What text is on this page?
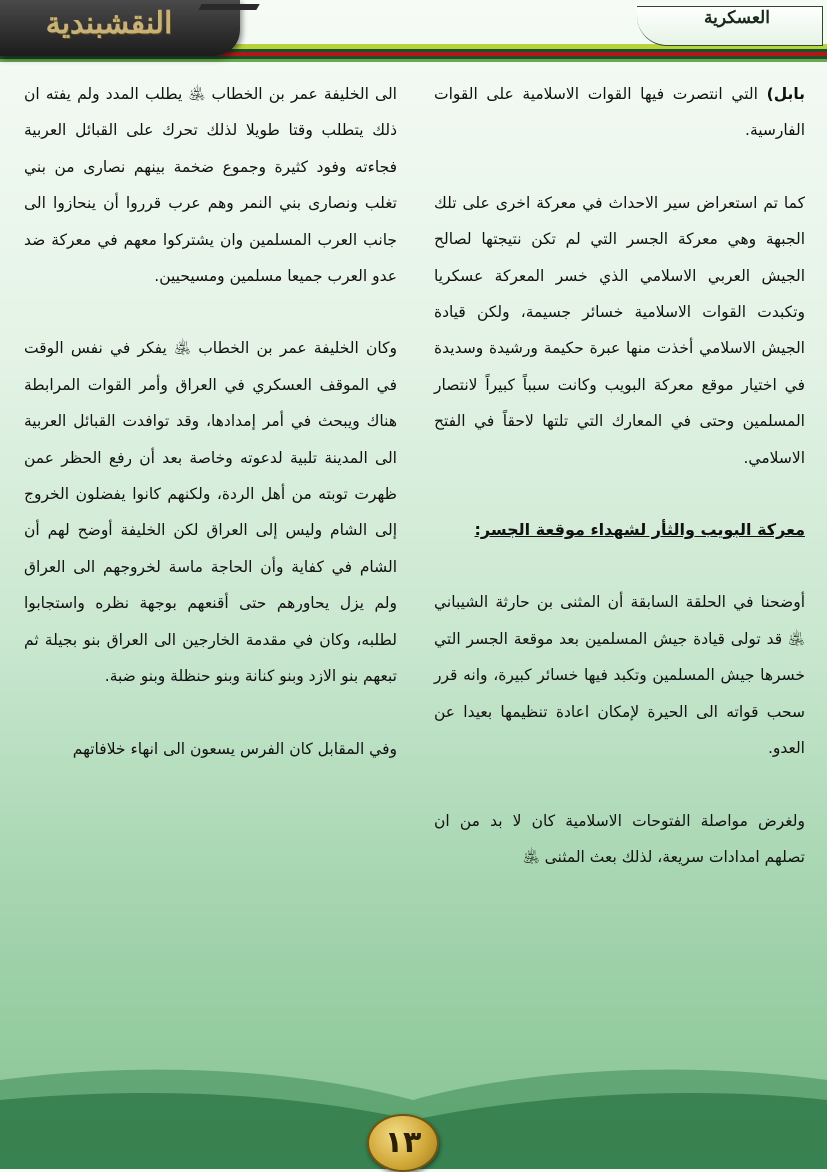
النقشبندية	العسكرية

بابل) التي انتصرت فيها القوات الاسلامية على القوات الفارسية.

كما تم استعراض سير الاحداث في معركة اخرى على تلك الجبهة وهي معركة الجسر التي لم تكن نتيجتها لصالح الجيش العربي الاسلامي الذي خسر المعركة عسكريا وتكبدت القوات الاسلامية خسائر جسيمة، ولكن قيادة الجيش الاسلامي أخذت منها عبرة حكيمة ورشيدة وسديدة في اختيار موقع معركة البويب وكانت سبباً كبيراً لانتصار المسلمين وحتى في المعارك التي تلتها لاحقاً في الفتح الاسلامي.

معركة البويب والثأر لشهداء موقعة الجسر:

أوضحنا في الحلقة السابقة أن المثنى بن حارثة الشيباني ﵁ قد تولى قيادة جيش المسلمين بعد موقعة الجسر التي خسرها جيش المسلمين وتكبد فيها خسائر كبيرة، وانه قرر سحب قواته الى الحيرة لإمكان اعادة تنظيمها بعيدا عن العدو.

ولغرض مواصلة الفتوحات الاسلامية كان لا بد من ان تصلهم امدادات سريعة، لذلك بعث المثنى ﵁

الى الخليفة عمر بن الخطاب ﵁ يطلب المدد ولم يفته ان ذلك يتطلب وقتا طويلا لذلك تحرك على القبائل العربية فجاءته وفود كثيرة وجموع ضخمة بينهم نصارى من بني تغلب ونصارى بني النمر وهم عرب قرروا أن ينحازوا الى جانب العرب المسلمين وان يشتركوا معهم في معركة ضد عدو العرب جميعا مسلمين ومسيحيين.

وكان الخليفة عمر بن الخطاب ﵁ يفكر في نفس الوقت في الموقف العسكري في العراق وأمر القوات المرابطة هناك ويبحث في أمر إمدادها، وقد توافدت القبائل العربية الى المدينة تلبية لدعوته وخاصة بعد أن رفع الحظر عمن ظهرت توبته من أهل الردة، ولكنهم كانوا يفضلون الخروج إلى الشام وليس إلى العراق لكن الخليفة أوضح لهم أن الشام في كفاية وأن الحاجة ماسة لخروجهم الى العراق ولم يزل يحاورهم حتى أقنعهم بوجهة نظره واستجابوا لطلبه، وكان في مقدمة الخارجين الى العراق بنو بجيلة ثم تبعهم بنو الازد وبنو كنانة وبنو حنظلة وبنو ضبة.

وفي المقابل كان الفرس يسعون الى انهاء خلافاتهم

١٣
